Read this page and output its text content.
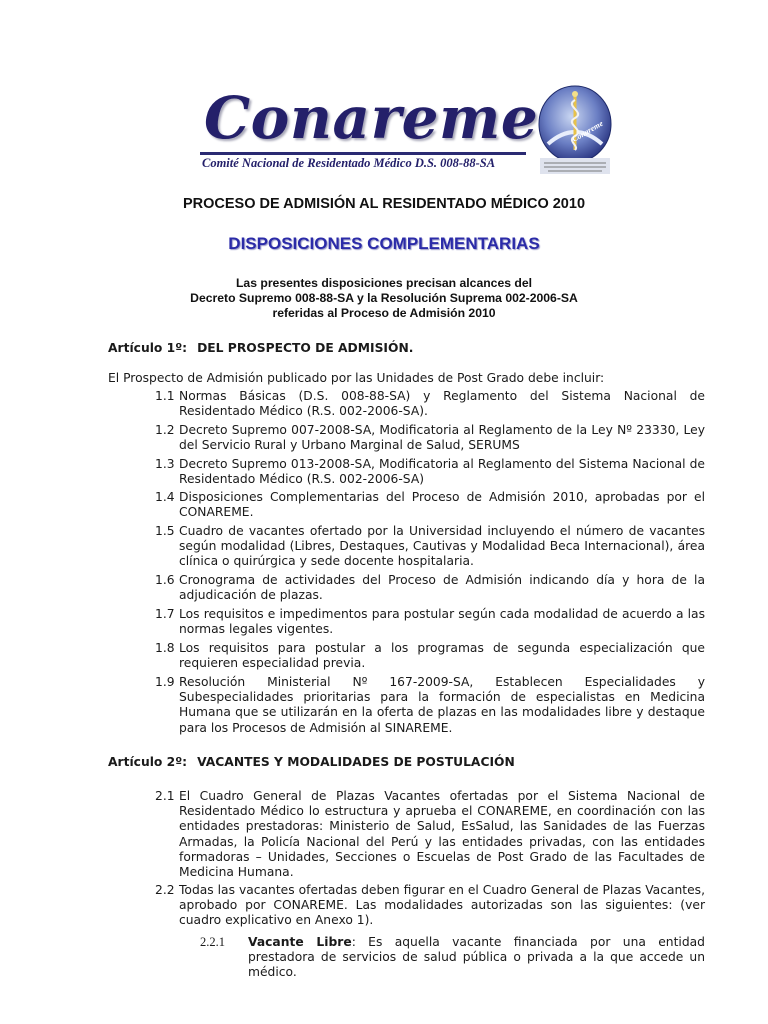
Conareme
Comité Nacional de Residentado Médico D.S. 008-88-SA
Conareme
PROCESO DE ADMISIÓN AL RESIDENTADO MÉDICO 2010
DISPOSICIONES COMPLEMENTARIAS
Las presentes disposiciones precisan alcances del
Decreto Supremo 008-88-SA y la Resolución Suprema 002-2006-SA
referidas al Proceso de Admisión 2010
Artículo 1º: DEL PROSPECTO DE ADMISIÓN.
El Prospecto de Admisión publicado por las Unidades de Post Grado debe incluir:
1.1 Normas Básicas (D.S. 008-88-SA) y Reglamento del Sistema Nacional de Residentado Médico (R.S. 002-2006-SA).
1.2 Decreto Supremo 007-2008-SA, Modificatoria al Reglamento de la Ley Nº 23330, Ley del Servicio Rural y Urbano Marginal de Salud, SERUMS
1.3 Decreto Supremo 013-2008-SA, Modificatoria al Reglamento del Sistema Nacional de Residentado Médico (R.S. 002-2006-SA)
1.4 Disposiciones Complementarias del Proceso de Admisión 2010, aprobadas por el CONAREME.
1.5 Cuadro de vacantes ofertado por la Universidad incluyendo el número de vacantes según modalidad (Libres, Destaques, Cautivas y Modalidad Beca Internacional), área clínica o quirúrgica y sede docente hospitalaria.
1.6 Cronograma de actividades del Proceso de Admisión indicando día y hora de la adjudicación de plazas.
1.7 Los requisitos e impedimentos para postular según cada modalidad de acuerdo a las normas legales vigentes.
1.8 Los requisitos para postular a los programas de segunda especialización que requieren especialidad previa.
1.9 Resolución Ministerial Nº 167-2009-SA, Establecen Especialidades y Subespecialidades prioritarias para la formación de especialistas en Medicina Humana que se utilizarán en la oferta de plazas en las modalidades libre y destaque para los Procesos de Admisión al SINAREME.
Artículo 2º: VACANTES Y MODALIDADES DE POSTULACIÓN
2.1 El Cuadro General de Plazas Vacantes ofertadas por el Sistema Nacional de Residentado Médico lo estructura y aprueba el CONAREME, en coordinación con las entidades prestadoras: Ministerio de Salud, EsSalud, las Sanidades de las Fuerzas Armadas, la Policía Nacional del Perú y las entidades privadas, con las entidades formadoras – Unidades, Secciones o Escuelas de Post Grado de las Facultades de Medicina Humana.
2.2 Todas las vacantes ofertadas deben figurar en el Cuadro General de Plazas Vacantes, aprobado por CONAREME. Las modalidades autorizadas son las siguientes: (ver cuadro explicativo en Anexo 1).
2.2.1	Vacante Libre: Es aquella vacante financiada por una entidad prestadora de servicios de salud pública o privada a la que accede un médico.
